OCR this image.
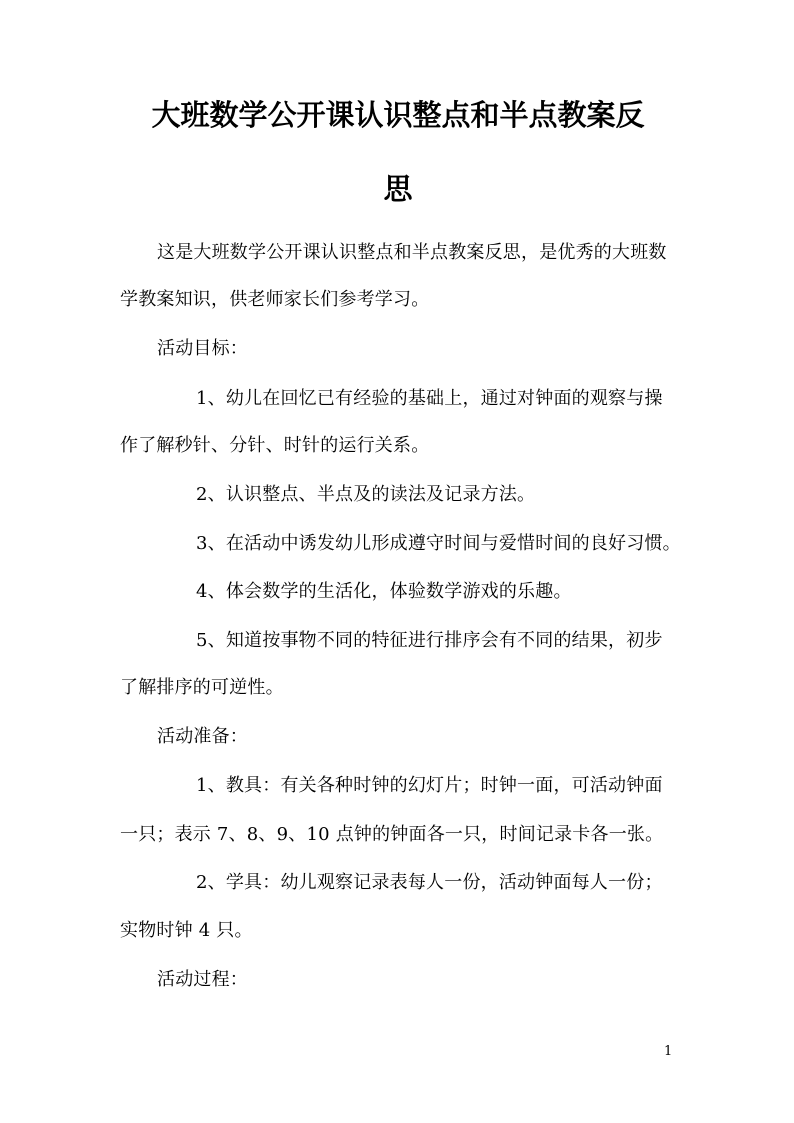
大班数学公开课认识整点和半点教案反
思

这是大班数学公开课认识整点和半点教案反思，是优秀的大班数

学教案知识，供老师家长们参考学习。

活动目标：

1、幼儿在回忆已有经验的基础上，通过对钟面的观察与操

作了解秒针、分针、时针的运行关系。

2、认识整点、半点及的读法及记录方法。

3、在活动中诱发幼儿形成遵守时间与爱惜时间的良好习惯。

4、体会数学的生活化，体验数学游戏的乐趣。

5、知道按事物不同的特征进行排序会有不同的结果，初步

了解排序的可逆性。

活动准备：

1、教具：有关各种时钟的幻灯片；时钟一面，可活动钟面

一只；表示 7、8、9、10 点钟的钟面各一只，时间记录卡各一张。

2、学具：幼儿观察记录表每人一份，活动钟面每人一份；

实物时钟 4 只。

活动过程：

1
